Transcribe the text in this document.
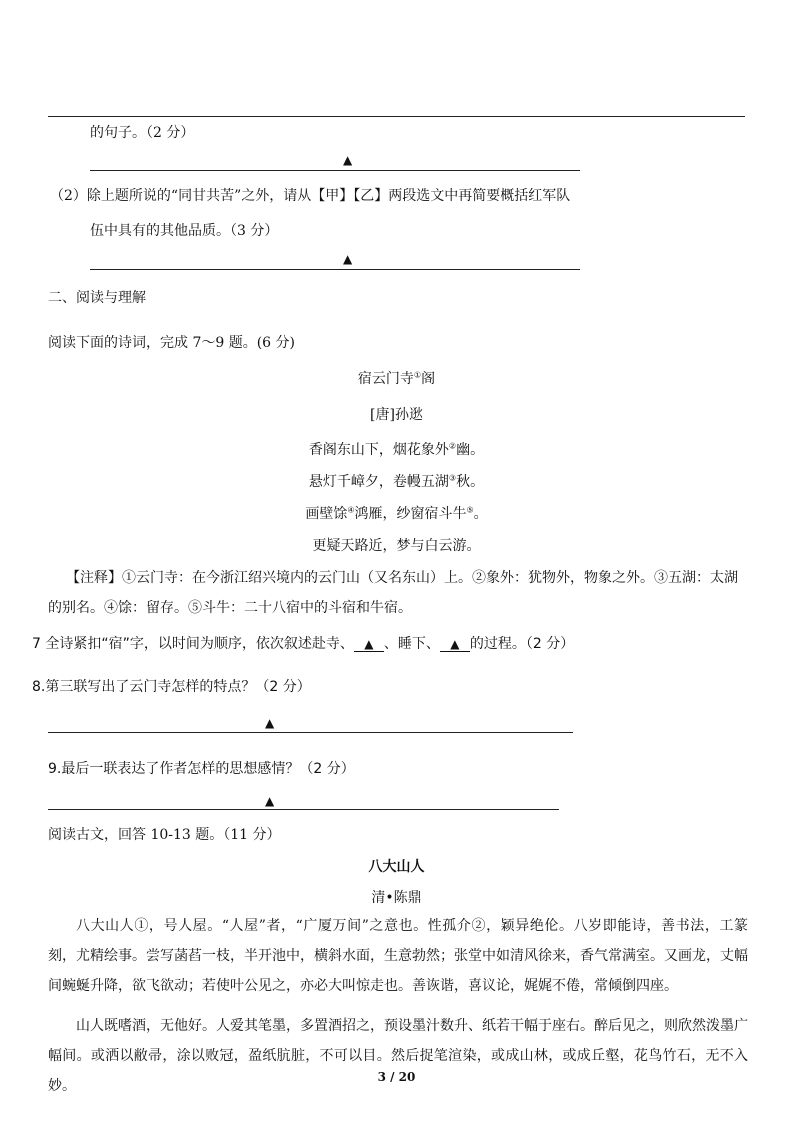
的句子。（2 分）
▲
（2）除上题所说的“同甘共苦”之外，请从【甲】【乙】两段选文中再简要概括红军队
伍中具有的其他品质。（3 分）
▲
二、阅读与理解
阅读下面的诗词，完成 7～9 题。(6 分)
宿云门寺①阁
[唐]孙逖
香阁东山下，烟花象外②幽。
悬灯千嶂夕，卷幔五湖③秋。
画壁馀④鸿雁，纱窗宿斗牛⑤。
更疑天路近，梦与白云游。
【注释】①云门寺：在今浙江绍兴境内的云门山（又名东山）上。②象外：犹物外，物象之外。③五湖：太湖
的别名。④馀：留存。⑤斗牛：二十八宿中的斗宿和牛宿。
7 全诗紧扣“宿”字，以时间为顺序，依次叙述赴寺、 ▲ 、睡下、 ▲ 的过程。（2 分）
8.第三联写出了云门寺怎样的特点？（2 分）
▲
9.最后一联表达了作者怎样的思想感情？（2 分）
▲
阅读古文，回答 10-13 题。（11 分）
八大山人
清•陈鼎
八大山人①，号人屋。“人屋”者，“广厦万间”之意也。性孤介②，颖异绝伦。八岁即能诗，善书法，工篆刻，尤精绘事。尝写菡萏一枝，半开池中，横斜水面，生意勃然；张堂中如清风徐来，香气常满室。又画龙，丈幅间蜿蜒升降，欲飞欲动；若使叶公见之，亦必大叫惊走也。善诙谐，喜议论，娓娓不倦，常倾倒四座。
山人既嗜酒，无他好。人爱其笔墨，多置酒招之，预设墨汁数升、纸若干幅于座右。醉后见之，则欣然泼墨广幅间。或洒以敝帚，涂以败冠，盈纸肮脏，不可以目。然后捉笔渲染，或成山林，或成丘壑，花鸟竹石，无不入妙。
3 / 20
